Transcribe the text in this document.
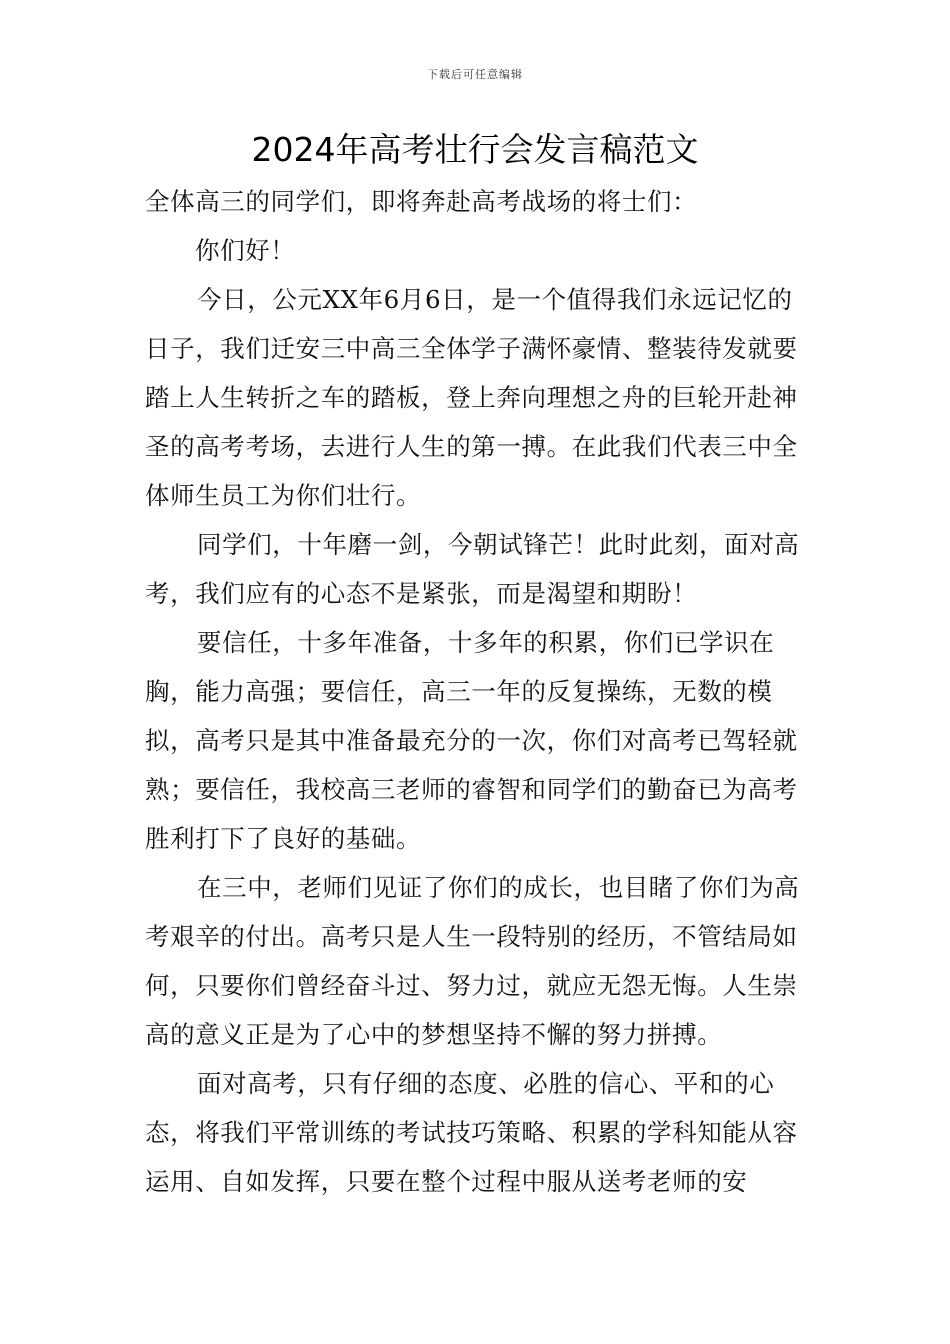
下载后可任意编辑
2024年高考壮行会发言稿范文

全体高三的同学们，即将奔赴高考战场的将士们：

你们好！

今日，公元XX年6月6日，是一个值得我们永远记忆的日子，我们迁安三中高三全体学子满怀豪情、整装待发就要踏上人生转折之车的踏板，登上奔向理想之舟的巨轮开赴神圣的高考考场，去进行人生的第一搏。在此我们代表三中全体师生员工为你们壮行。

同学们，十年磨一剑，今朝试锋芒！此时此刻，面对高考，我们应有的心态不是紧张，而是渴望和期盼！

要信任，十多年准备，十多年的积累，你们已学识在胸，能力高强；要信任，高三一年的反复操练，无数的模拟，高考只是其中准备最充分的一次，你们对高考已驾轻就熟；要信任，我校高三老师的睿智和同学们的勤奋已为高考胜利打下了良好的基础。

在三中，老师们见证了你们的成长，也目睹了你们为高考艰辛的付出。高考只是人生一段特别的经历，不管结局如何，只要你们曾经奋斗过、努力过，就应无怨无悔。人生崇高的意义正是为了心中的梦想坚持不懈的努力拼搏。

面对高考，只有仔细的态度、必胜的信心、平和的心态，将我们平常训练的考试技巧策略、积累的学科知能从容运用、自如发挥，只要在整个过程中服从送考老师的安
